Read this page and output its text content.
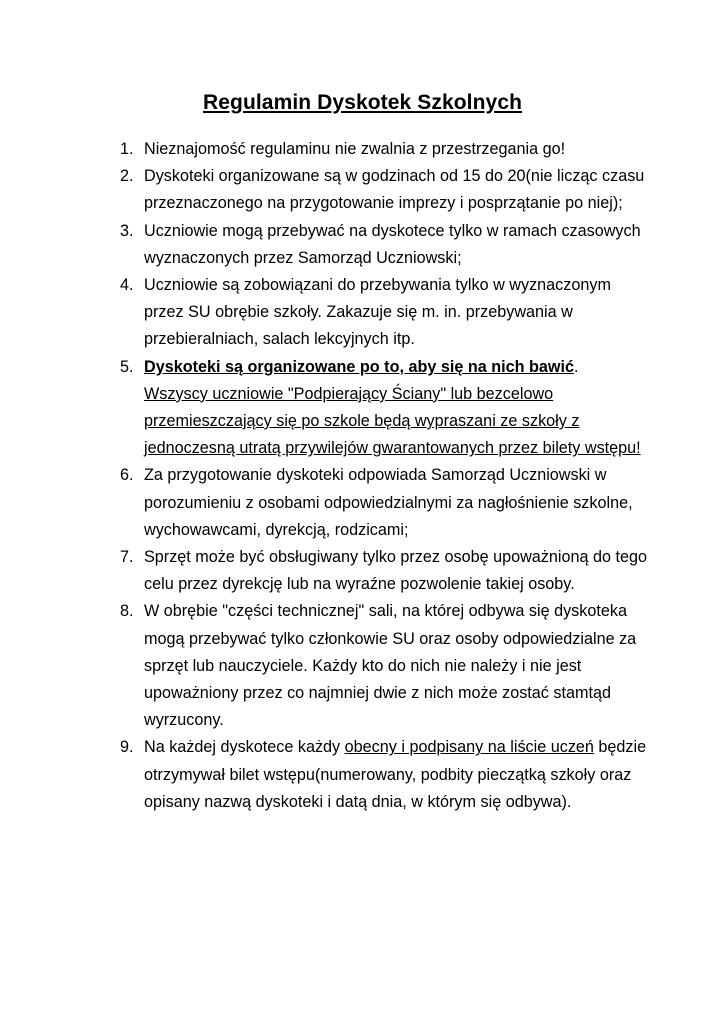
Regulamin Dyskotek Szkolnych
1. Nieznajomość regulaminu nie zwalnia z przestrzegania go!
2. Dyskoteki organizowane są w godzinach od 15 do 20(nie licząc czasu przeznaczonego na przygotowanie imprezy i posprzątanie po niej);
3. Uczniowie mogą przebywać na dyskotece tylko w ramach czasowych wyznaczonych przez Samorząd Uczniowski;
4. Uczniowie są zobowiązani do przebywania tylko w wyznaczonym przez SU obrębie szkoły. Zakazuje się m. in. przebywania w przebieralniach, salach lekcyjnych itp.
5. Dyskoteki są organizowane po to, aby się na nich bawić.
Wszyscy uczniowie "Podpierający Ściany" lub bezcelowo przemieszczający się po szkole będą wypraszani ze szkoły z jednoczesną utratą przywilejów gwarantowanych przez bilety wstępu!
6. Za przygotowanie dyskoteki odpowiada Samorząd Uczniowski w porozumieniu z osobami odpowiedzialnymi za nagłośnienie szkolne, wychowawcami, dyrekcją, rodzicami;
7. Sprzęt może być obsługiwany tylko przez osobę upoważnioną do tego celu przez dyrekcję lub na wyraźne pozwolenie takiej osoby.
8. W obrębie "części technicznej" sali, na której odbywa się dyskoteka mogą przebywać tylko członkowie SU oraz osoby odpowiedzialne za sprzęt lub nauczyciele. Każdy kto do nich nie należy i nie jest upoważniony przez co najmniej dwie z nich może zostać stamtąd wyrzucony.
9. Na każdej dyskotece każdy obecny i podpisany na liście uczeń będzie otrzymywał bilet wstępu(numerowany, podbity pieczątką szkoły oraz opisany nazwą dyskoteki i datą dnia, w którym się odbywa).
